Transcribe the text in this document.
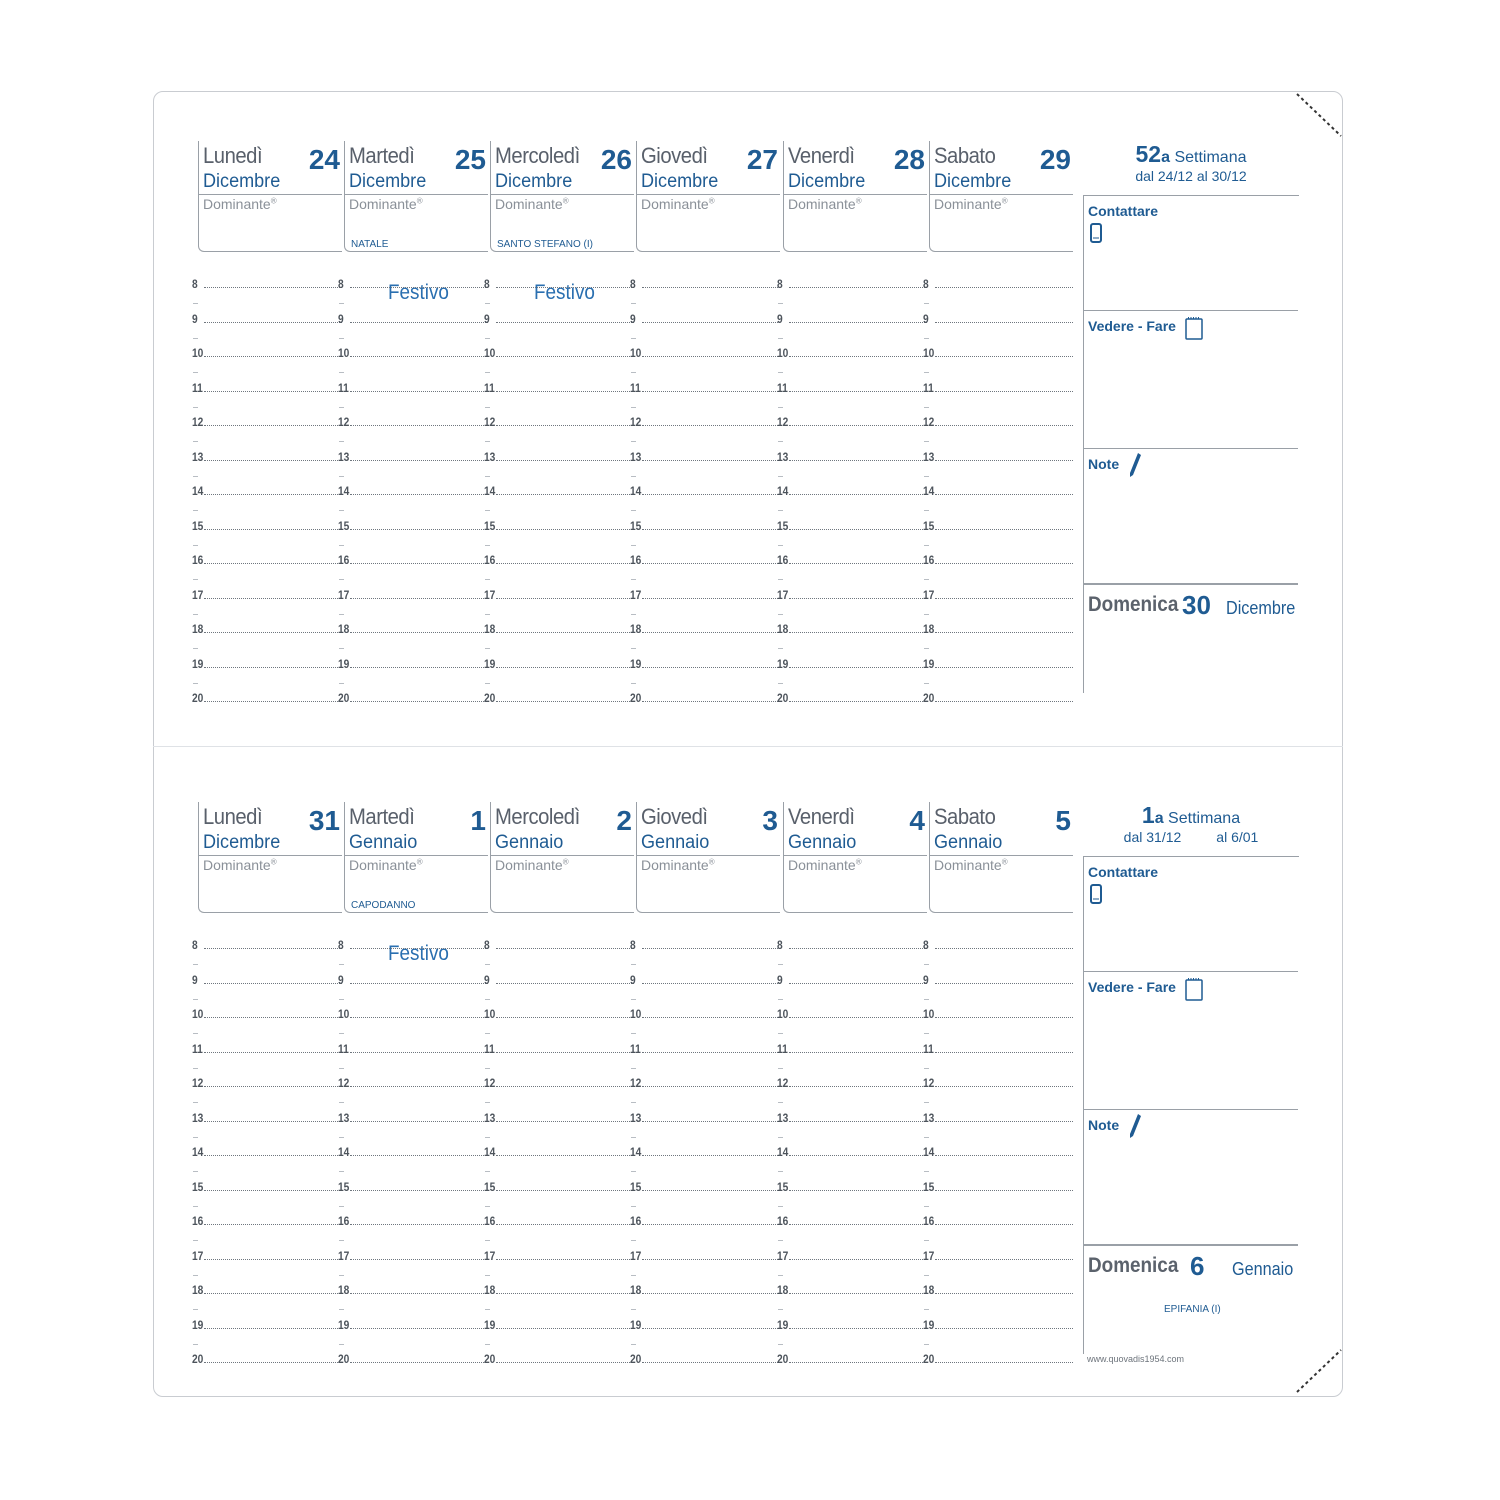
Lunedì 24
Dicembre
Dominante®
8
9
10
11
12
13
14
15
16
17
18
19
20
Martedì 25
Dicembre
Dominante®
NATALE
Festivo
8
9
10
11
12
13
14
15
16
17
18
19
20
Mercoledì 26
Dicembre
Dominante®
SANTO STEFANO (I)
Festivo
8
9
10
11
12
13
14
15
16
17
18
19
20
Giovedì 27
Dicembre
Dominante®
8
9
10
11
12
13
14
15
16
17
18
19
20
Venerdì 28
Dicembre
Dominante®
8
9
10
11
12
13
14
15
16
17
18
19
20
Sabato 29
Dicembre
Dominante®
8
9
10
11
12
13
14
15
16
17
18
19
20
52a Settimana
dal 24/12 al 30/12
Contattare
Vedere - Fare
Note
Domenica 30 Dicembre
Lunedì 31
Dicembre
Dominante®
8
9
10
11
12
13
14
15
16
17
18
19
20
Martedì 1
Gennaio
Dominante®
CAPODANNO
Festivo
8
9
10
11
12
13
14
15
16
17
18
19
20
Mercoledì 2
Gennaio
Dominante®
8
9
10
11
12
13
14
15
16
17
18
19
20
Giovedì 3
Gennaio
Dominante®
8
9
10
11
12
13
14
15
16
17
18
19
20
Venerdì 4
Gennaio
Dominante®
8
9
10
11
12
13
14
15
16
17
18
19
20
Sabato 5
Gennaio
Dominante®
8
9
10
11
12
13
14
15
16
17
18
19
20
1a Settimana
dal 31/12         al 6/01
Contattare
Vedere - Fare
Note
Domenica 6 Gennaio
EPIFANIA (I)
www.quovadis1954.com
